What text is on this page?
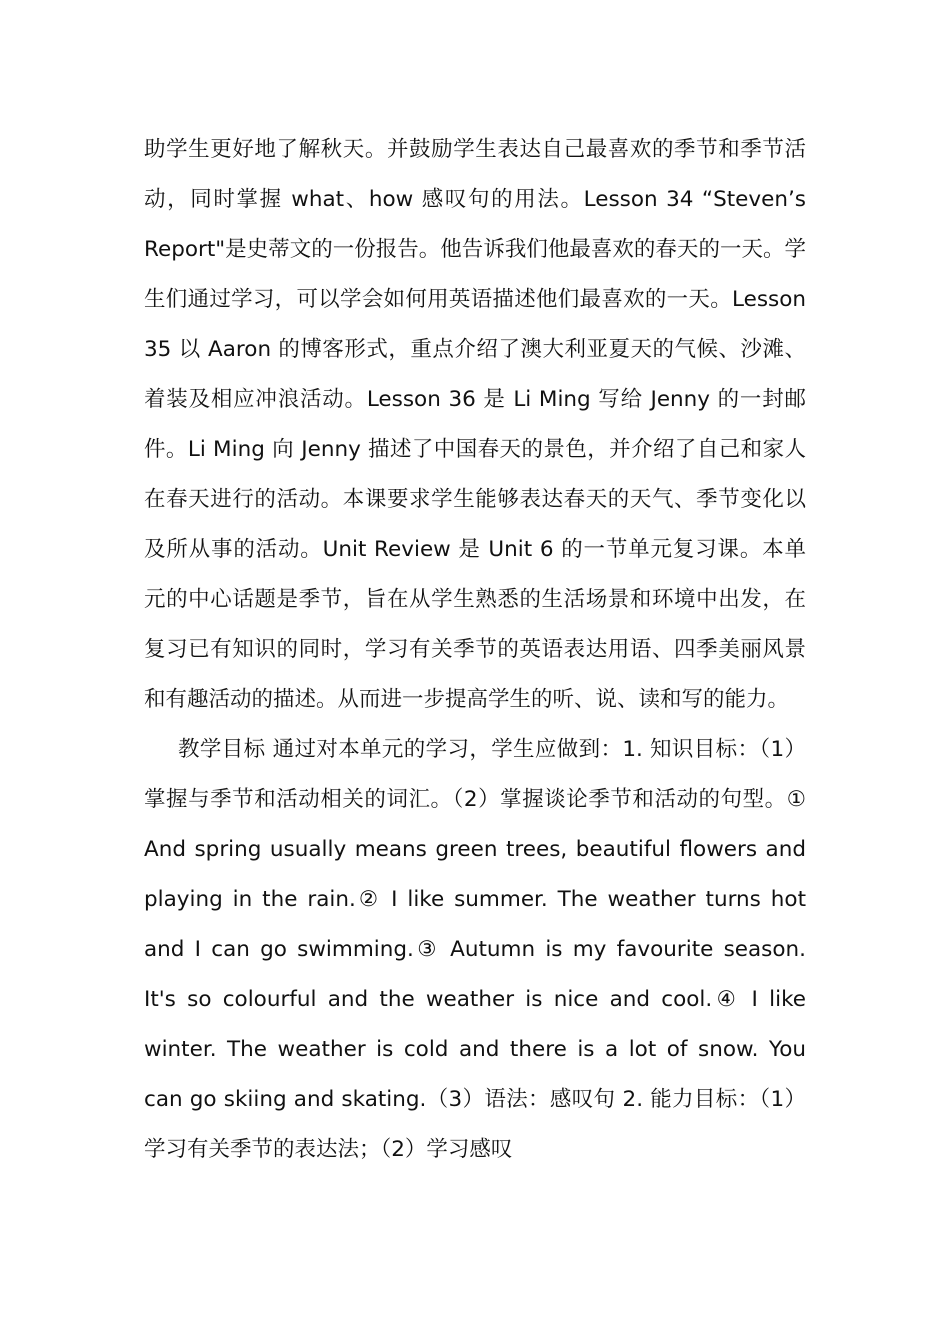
助学生更好地了解秋天。并鼓励学生表达自己最喜欢的季节和季节活动，同时掌握 what、how 感叹句的用法。Lesson 34 “Steven’s Report"是史蒂文的一份报告。他告诉我们他最喜欢的春天的一天。学生们通过学习，可以学会如何用英语描述他们最喜欢的一天。Lesson 35 以 Aaron 的博客形式，重点介绍了澳大利亚夏天的气候、沙滩、着装及相应冲浪活动。Lesson 36 是 Li Ming 写给 Jenny 的一封邮件。Li Ming 向 Jenny 描述了中国春天的景色，并介绍了自己和家人在春天进行的活动。本课要求学生能够表达春天的天气、季节变化以及所从事的活动。Unit Review 是 Unit 6 的一节单元复习课。本单元的中心话题是季节，旨在从学生熟悉的生活场景和环境中出发，在复习已有知识的同时，学习有关季节的英语表达用语、四季美丽风景和有趣活动的描述。从而进一步提高学生的听、说、读和写的能力。

教学目标 通过对本单元的学习，学生应做到：1. 知识目标：（1）掌握与季节和活动相关的词汇。（2）掌握谈论季节和活动的句型。① And spring usually means green trees, beautiful flowers and playing in the rain.② I like summer. The weather turns hot and I can go swimming.③ Autumn is my favourite season. It's so colourful and the weather is nice and cool.④ I like winter. The weather is cold and there is a lot of snow. You can go skiing and skating.（3）语法：感叹句 2. 能力目标：（1）学习有关季节的表达法；（2）学习感叹
